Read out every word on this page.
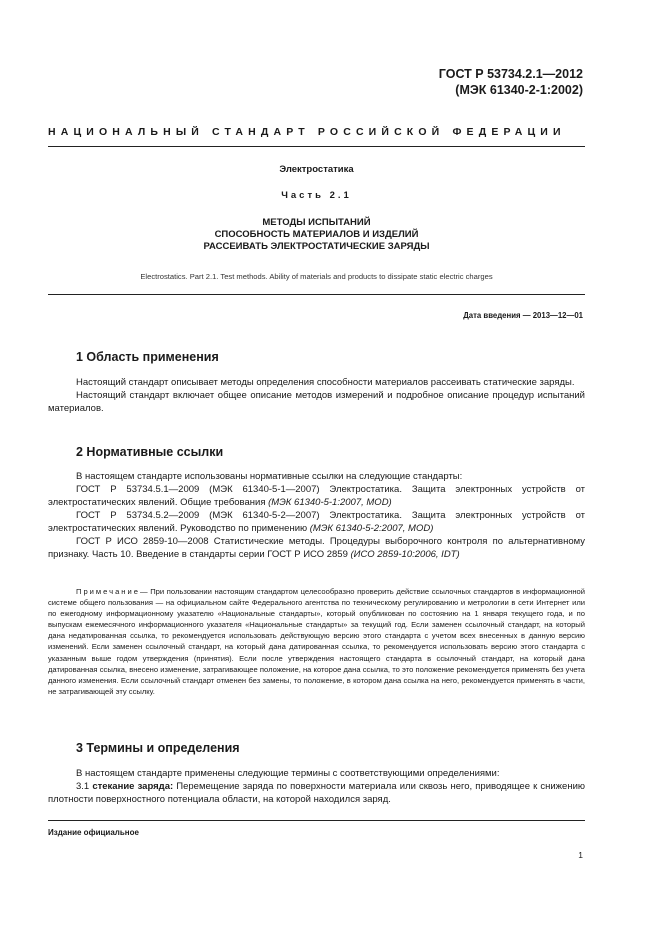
ГОСТ Р 53734.2.1—2012
(МЭК 61340-2-1:2002)
НАЦИОНАЛЬНЫЙ СТАНДАРТ РОССИЙСКОЙ ФЕДЕРАЦИИ
Электростатика
Часть 2.1
МЕТОДЫ ИСПЫТАНИЙ
СПОСОБНОСТЬ МАТЕРИАЛОВ И ИЗДЕЛИЙ
РАССЕИВАТЬ ЭЛЕКТРОСТАТИЧЕСКИЕ ЗАРЯДЫ
Electrostatics. Part 2.1. Test methods. Ability of materials and products to dissipate static electric charges
Дата введения — 2013—12—01
1 Область применения

Настоящий стандарт описывает методы определения способности материалов рассеивать статические заряды.

Настоящий стандарт включает общее описание методов измерений и подробное описание процедур испытаний материалов.

2 Нормативные ссылки

В настоящем стандарте использованы нормативные ссылки на следующие стандарты:

ГОСТ Р 53734.5.1—2009 (МЭК 61340-5-1—2007) Электростатика. Защита электронных устройств от электростатических явлений. Общие требования (МЭК 61340-5-1:2007, MOD)

ГОСТ Р 53734.5.2—2009 (МЭК 61340-5-2—2007) Электростатика. Защита электронных устройств от электростатических явлений. Руководство по применению (МЭК 61340-5-2:2007, MOD)

ГОСТ Р ИСО 2859-10—2008 Статистические методы. Процедуры выборочного контроля по альтернативному признаку. Часть 10. Введение в стандарты серии ГОСТ Р ИСО 2859 (ИСО 2859-10:2006, IDT)

Примечание— При пользовании настоящим стандартом целесообразно проверить действие ссылочных стандартов в информационной системе общего пользования — на официальном сайте Федерального агентства по техническому регулированию и метрологии в сети Интернет или по ежегодному информационному указателю «Национальные стандарты», который опубликован по состоянию на 1 января текущего года, и по выпускам ежемесячного информационного указателя «Национальные стандарты» за текущий год. Если заменен ссылочный стандарт, на который дана недатированная ссылка, то рекомендуется использовать действующую версию этого стандарта с учетом всех внесенных в данную версию изменений. Если заменен ссылочный стандарт, на который дана датированная ссылка, то рекомендуется использовать версию этого стандарта с указанным выше годом утверждения (принятия). Если после утверждения настоящего стандарта в ссылочный стандарт, на который дана датированная ссылка, внесено изменение, затрагивающее положение, на которое дана ссылка, то это положение рекомендуется применять без учета данного изменения. Если ссылочный стандарт отменен без замены, то положение, в котором дана ссылка на него, рекомендуется применять в части, не затрагивающей эту ссылку.

3 Термины и определения

В настоящем стандарте применены следующие термины с соответствующими определениями:

3.1 стекание заряда: Перемещение заряда по поверхности материала или сквозь него, приводящее к снижению плотности поверхностного потенциала области, на которой находился заряд.

Издание официальное
1
